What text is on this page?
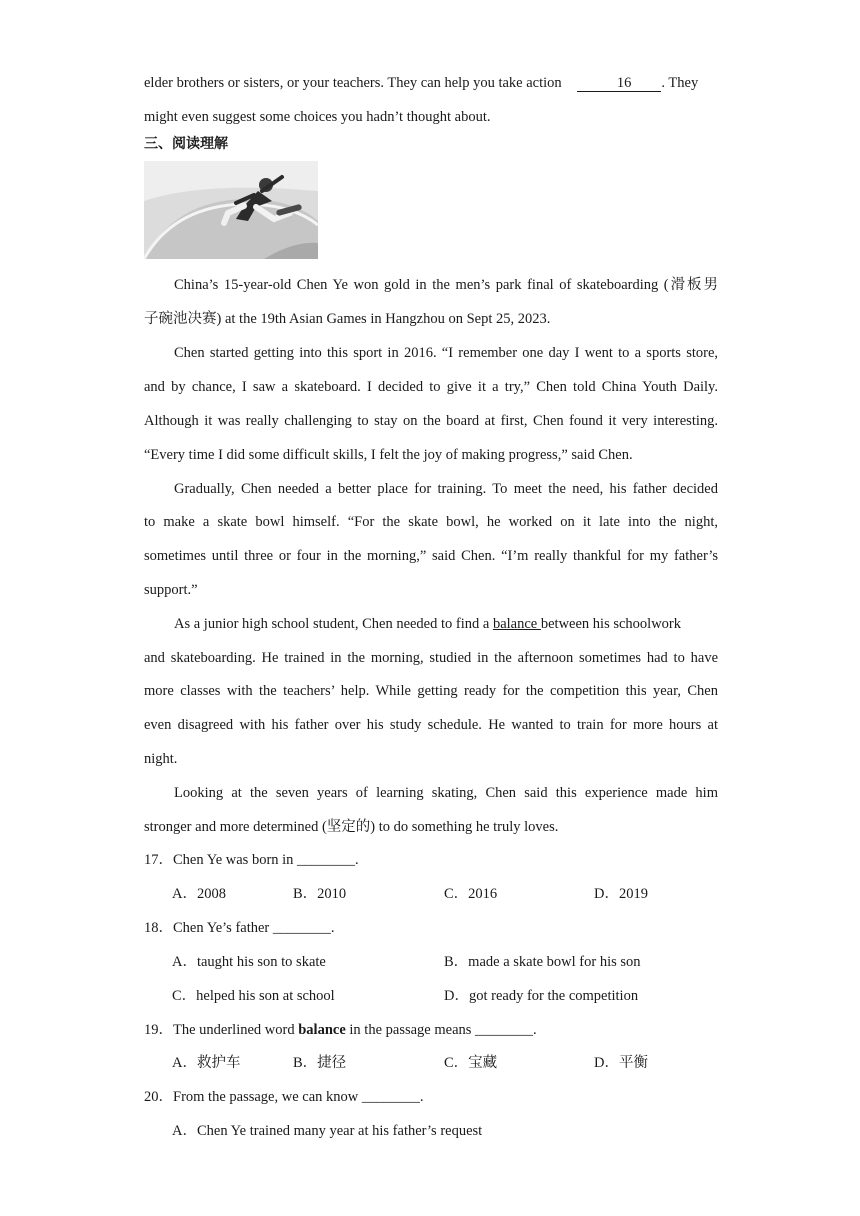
elder brothers or sisters, or your teachers. They can help you take action	16 . They
might even suggest some choices you hadn’t thought about.
三、阅读理解
China’s 15-year-old Chen Ye won gold in the men’s park final of skateboarding (滑板男
子碗池决赛) at the 19th Asian Games in Hangzhou on Sept 25, 2023.
Chen started getting into this sport in 2016. “I remember one day I went to a sports store,
and by chance, I saw a skateboard. I decided to give it a try,” Chen told China Youth Daily.
Although it was really challenging to stay on the board at first, Chen found it very interesting.
“Every time I did some difficult skills, I felt the joy of making progress,” said Chen.
Gradually, Chen needed a better place for training. To meet the need, his father decided
to make a skate bowl himself. “For the skate bowl, he worked on it late into the night,
sometimes until three or four in the morning,” said Chen. “I’m really thankful for my father’s
support.”
As a junior high school student, Chen needed to find a balance between his schoolwork
and skateboarding. He trained in the morning, studied in the afternoon sometimes had to have
more classes with the teachers’ help. While getting ready for the competition this year, Chen
even disagreed with his father over his study schedule. He wanted to train for more hours at
night.
Looking at the seven years of learning skating, Chen said this experience made him
stronger and more determined (坚定的) to do something he truly loves.
17．Chen Ye was born in ________.
A．2008	B．2010	C．2016	D．2019
18．Chen Ye’s father ________.
A．taught his son to skate	B．made a skate bowl for his son
C．helped his son at school	D．got ready for the competition
19．The underlined word balance in the passage means ________.
A．救护车	B．捷径	C．宝藏	D．平衡
20．From the passage, we can know ________.
A．Chen Ye trained many year at his father’s request
